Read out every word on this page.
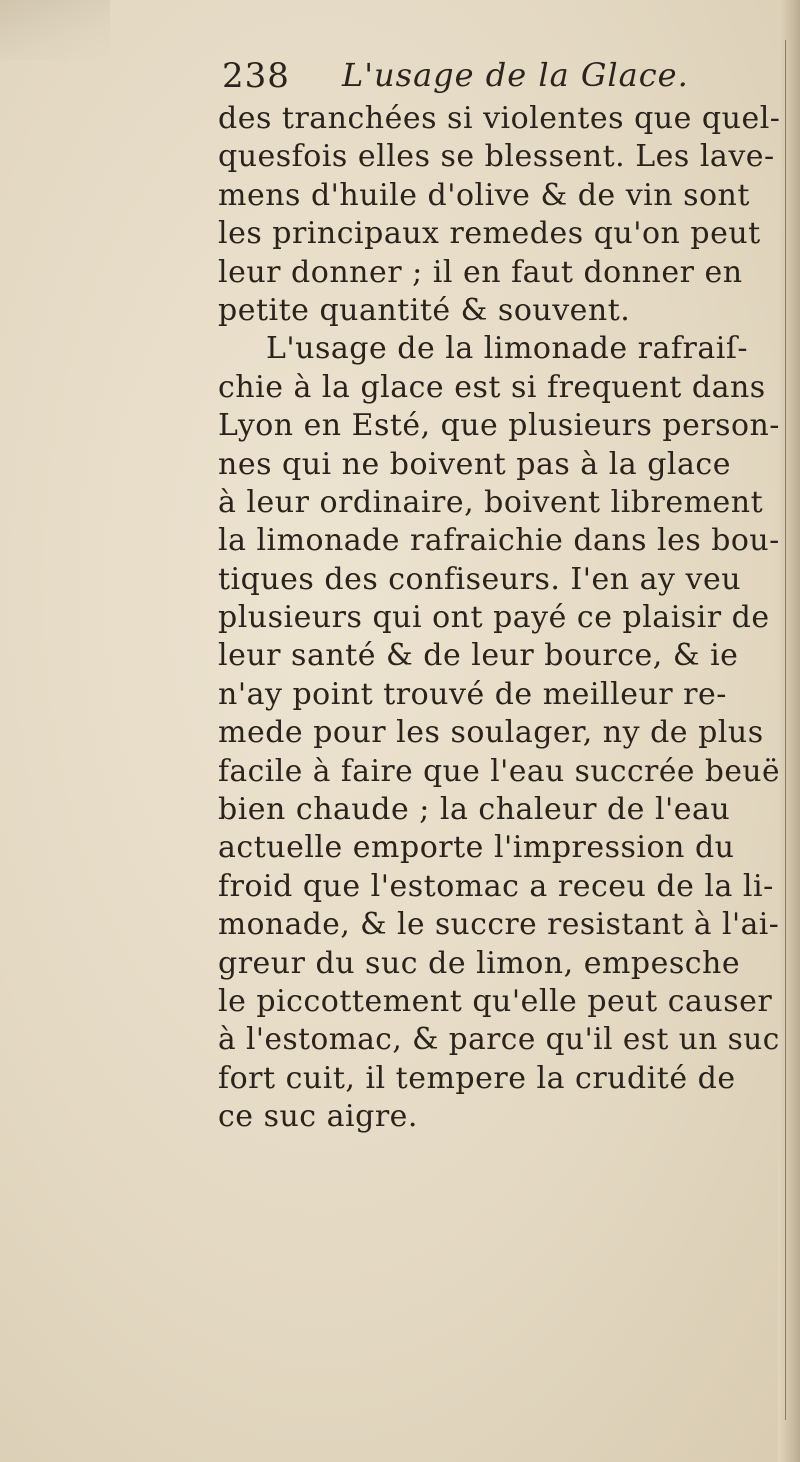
238 L'usage de la Glace.
des tranchées si violentes que quel-
quesfois elles se blessent. Les lave-
mens d'huile d'olive & de vin sont
les principaux remedes qu'on peut
leur donner ; il en faut donner en
petite quantité & souvent.
L'usage de la limonade rafraiſ-
chie à la glace est si frequent dans
Lyon en Esté, que plusieurs person-
nes qui ne boivent pas à la glace
à leur ordinaire, boivent librement
la limonade rafraichie dans les bou-
tiques des confiseurs. I'en ay veu
plusieurs qui ont payé ce plaisir de
leur santé & de leur bource, & ie
n'ay point trouvé de meilleur re-
mede pour les soulager, ny de plus
facile à faire que l'eau succrée beuë
bien chaude ; la chaleur de l'eau
actuelle emporte l'impression du
froid que l'estomac a receu de la li-
monade, & le succre resistant à l'ai-
greur du suc de limon, empesche
le piccottement qu'elle peut causer
à l'estomac, & parce qu'il est un suc
fort cuit, il tempere la crudité de
ce suc aigre.
